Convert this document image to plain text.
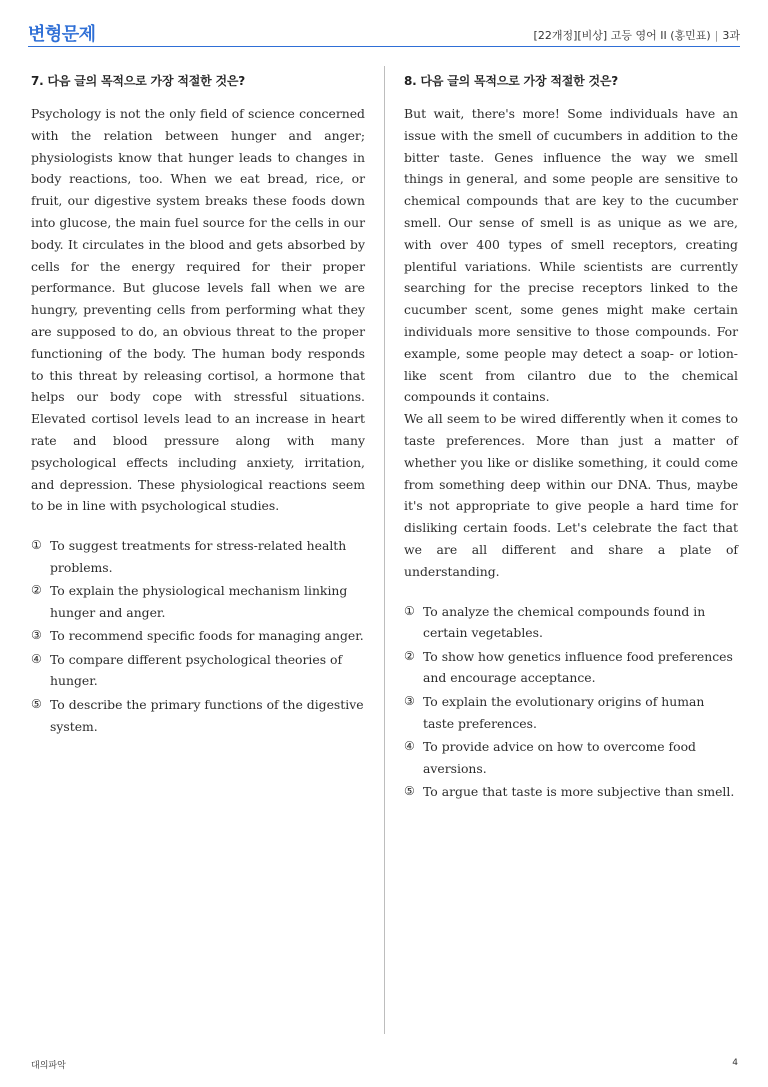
변형문제	[22개정][비상] 고등 영어 II (홍민표) | 3과
7. 다음 글의 목적으로 가장 적절한 것은?

Psychology is not the only field of science concerned with the relation between hunger and anger; physiologists know that hunger leads to changes in body reactions, too. When we eat bread, rice, or fruit, our digestive system breaks these foods down into glucose, the main fuel source for the cells in our body. It circulates in the blood and gets absorbed by cells for the energy required for their proper performance. But glucose levels fall when we are hungry, preventing cells from performing what they are supposed to do, an obvious threat to the proper functioning of the body. The human body responds to this threat by releasing cortisol, a hormone that helps our body cope with stressful situations. Elevated cortisol levels lead to an increase in heart rate and blood pressure along with many psychological effects including anxiety, irritation, and depression. These physiological reactions seem to be in line with psychological studies.

① To suggest treatments for stress-related health problems.
② To explain the physiological mechanism linking hunger and anger.
③ To recommend specific foods for managing anger.
④ To compare different psychological theories of hunger.
⑤ To describe the primary functions of the digestive system.
8. 다음 글의 목적으로 가장 적절한 것은?

But wait, there's more! Some individuals have an issue with the smell of cucumbers in addition to the bitter taste. Genes influence the way we smell things in general, and some people are sensitive to chemical compounds that are key to the cucumber smell. Our sense of smell is as unique as we are, with over 400 types of smell receptors, creating plentiful variations. While scientists are currently searching for the precise receptors linked to the cucumber scent, some genes might make certain individuals more sensitive to those compounds. For example, some people may detect a soap- or lotion-like scent from cilantro due to the chemical compounds it contains.

We all seem to be wired differently when it comes to taste preferences. More than just a matter of whether you like or dislike something, it could come from something deep within our DNA. Thus, maybe it's not appropriate to give people a hard time for disliking certain foods. Let's celebrate the fact that we are all different and share a plate of understanding.

① To analyze the chemical compounds found in certain vegetables.
② To show how genetics influence food preferences and encourage acceptance.
③ To explain the evolutionary origins of human taste preferences.
④ To provide advice on how to overcome food aversions.
⑤ To argue that taste is more subjective than smell.
대의파악	4
